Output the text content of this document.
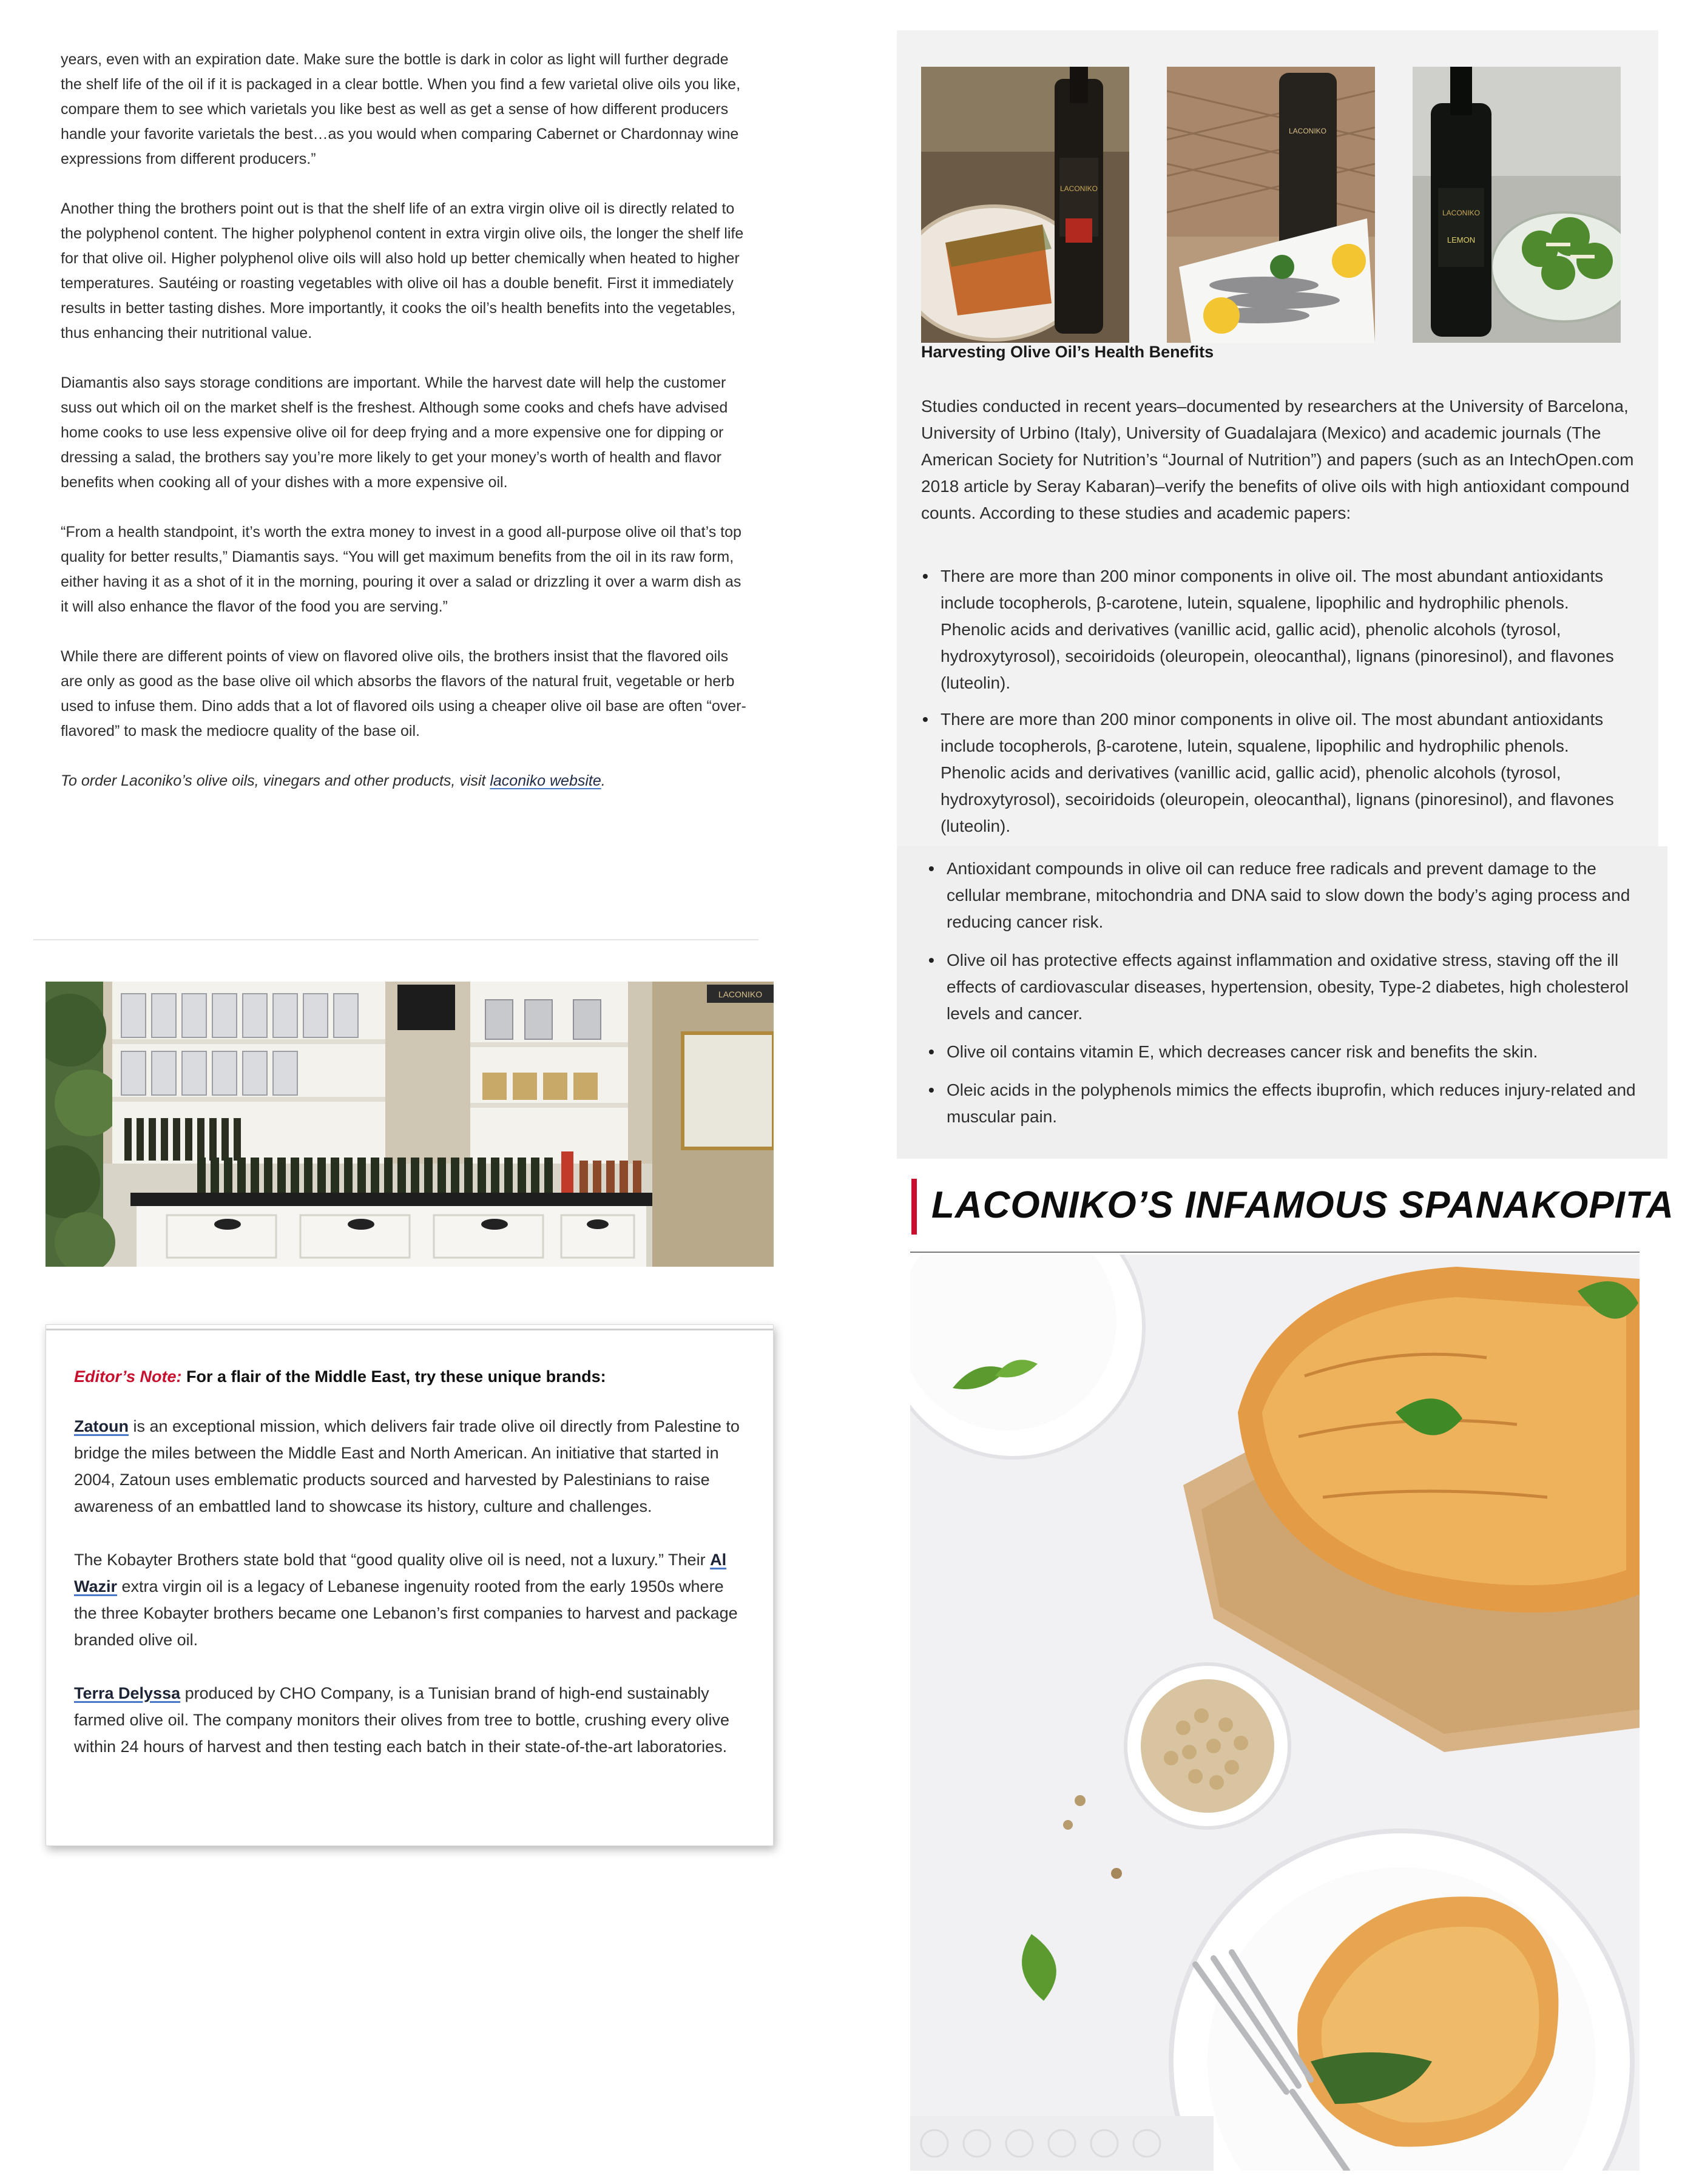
years, even with an expiration date. Make sure the bottle is dark in color as light will further degrade the shelf life of the oil if it is packaged in a clear bottle. When you find a few varietal olive oils you like, compare them to see which varietals you like best as well as get a sense of how different producers handle your favorite varietals the best…as you would when comparing Cabernet or Chardonnay wine expressions from different producers.”

Another thing the brothers point out is that the shelf life of an extra virgin olive oil is directly related to the polyphenol content. The higher polyphenol content in extra virgin olive oils, the longer the shelf life for that olive oil. Higher polyphenol olive oils will also hold up better chemically when heated to higher temperatures. Sautéing or roasting vegetables with olive oil has a double benefit. First it immediately results in better tasting dishes. More importantly, it cooks the oil’s health benefits into the vegetables, thus enhancing their nutritional value.

Diamantis also says storage conditions are important. While the harvest date will help the customer suss out which oil on the market shelf is the freshest. Although some cooks and chefs have advised home cooks to use less expensive olive oil for deep frying and a more expensive one for dipping or dressing a salad, the brothers say you’re more likely to get your money’s worth of health and flavor benefits when cooking all of your dishes with a more expensive oil.

“From a health standpoint, it’s worth the extra money to invest in a good all-purpose olive oil that’s top quality for better results,” Diamantis says. “You will get maximum benefits from the oil in its raw form, either having it as a shot of it in the morning, pouring it over a salad or drizzling it over a warm dish as it will also enhance the flavor of the food you are serving.”

While there are different points of view on flavored olive oils, the brothers insist that the flavored oils are only as good as the base olive oil which absorbs the flavors of the natural fruit, vegetable or herb used to infuse them. Dino adds that a lot of flavored oils using a cheaper olive oil base are often “over-flavored” to mask the mediocre quality of the base oil.

To order Laconiko’s olive oils, vinegars and other products, visit laconiko website.

LACONIKO

Editor’s Note: For a flair of the Middle East, try these unique brands:

Zatoun is an exceptional mission, which delivers fair trade olive oil directly from Palestine to bridge the miles between the Middle East and North American. An initiative that started in 2004, Zatoun uses emblematic products sourced and harvested by Palestinians to raise awareness of an embattled land to showcase its history, culture and challenges.

The Kobayter Brothers state bold that “good quality olive oil is need, not a luxury.” Their Al Wazir extra virgin oil is a legacy of Lebanese ingenuity rooted from the early 1950s where the three Kobayter brothers became one Lebanon’s first companies to harvest and package branded olive oil.

Terra Delyssa produced by CHO Company, is a Tunisian brand of high-end sustainably farmed olive oil. The company monitors their olives from tree to bottle, crushing every olive within 24 hours of harvest and then testing each batch in their state-of-the-art laboratories.

LACONIKO
LACONIKO
LACONIKO
LEMON
Harvesting Olive Oil’s Health Benefits

Studies conducted in recent years–documented by researchers at the University of Barcelona, University of Urbino (Italy), University of Guadalajara (Mexico) and academic journals (The American Society for Nutrition’s “Journal of Nutrition”) and papers (such as an IntechOpen.com 2018 article by Seray Kabaran)–verify the benefits of olive oils with high antioxidant compound counts. According to these studies and academic papers:

• There are more than 200 minor components in olive oil. The most abundant antioxidants include tocopherols, β-carotene, lutein, squalene, lipophilic and hydrophilic phenols. Phenolic acids and derivatives (vanillic acid, gallic acid), phenolic alcohols (tyrosol, hydroxytyrosol), secoiridoids (oleuropein, oleocanthal), lignans (pinoresinol), and flavones (luteolin).
• There are more than 200 minor components in olive oil. The most abundant antioxidants include tocopherols, β-carotene, lutein, squalene, lipophilic and hydrophilic phenols. Phenolic acids and derivatives (vanillic acid, gallic acid), phenolic alcohols (tyrosol, hydroxytyrosol), secoiridoids (oleuropein, oleocanthal), lignans (pinoresinol), and flavones (luteolin).
• Antioxidant compounds in olive oil can reduce free radicals and prevent damage to the cellular membrane, mitochondria and DNA said to slow down the body’s aging process and reducing cancer risk.
• Olive oil has protective effects against inflammation and oxidative stress, staving off the ill effects of cardiovascular diseases, hypertension, obesity, Type-2 diabetes, high cholesterol levels and cancer.
• Olive oil contains vitamin E, which decreases cancer risk and benefits the skin.
• Oleic acids in the polyphenols mimics the effects ibuprofin, which reduces injury-related and muscular pain.
LACONIKO’S INFAMOUS SPANAKOPITA
